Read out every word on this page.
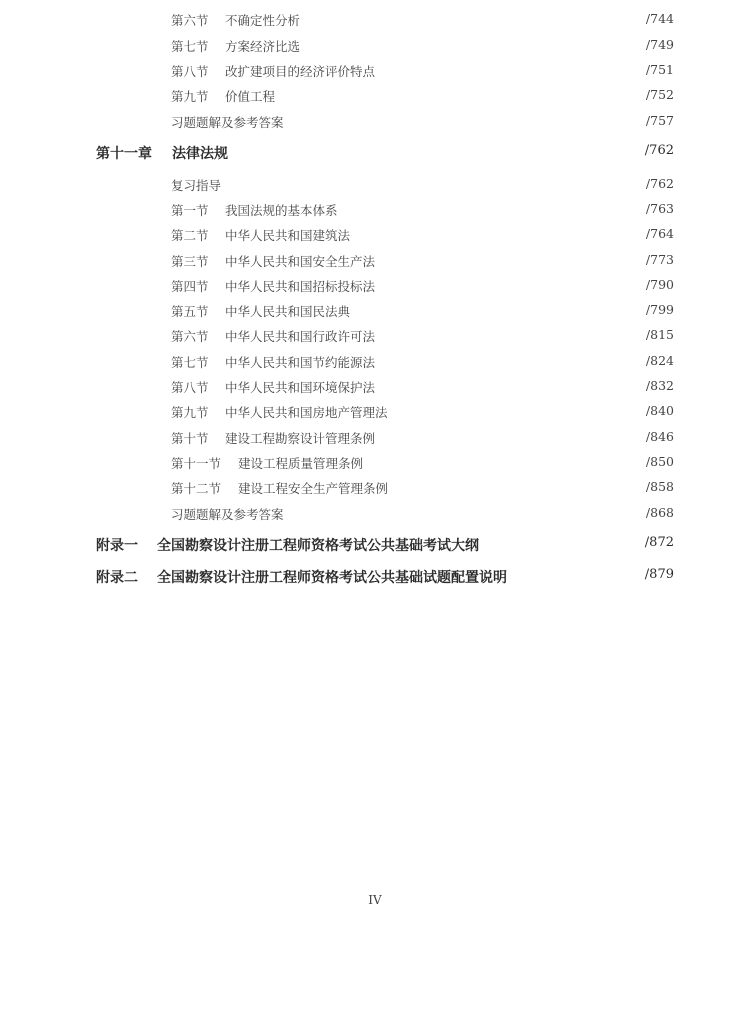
第六节 不确定性分析	/744
第七节 方案经济比选	/749
第八节 改扩建项目的经济评价特点	/751
第九节 价值工程	/752
习题题解及参考答案	/757
第十一章 法律法规	/762
复习指导	/762
第一节 我国法规的基本体系	/763
第二节 中华人民共和国建筑法	/764
第三节 中华人民共和国安全生产法	/773
第四节 中华人民共和国招标投标法	/790
第五节 中华人民共和国民法典	/799
第六节 中华人民共和国行政许可法	/815
第七节 中华人民共和国节约能源法	/824
第八节 中华人民共和国环境保护法	/832
第九节 中华人民共和国房地产管理法	/840
第十节 建设工程勘察设计管理条例	/846
第十一节 建设工程质量管理条例	/850
第十二节 建设工程安全生产管理条例	/858
习题题解及参考答案	/868
附录一 全国勘察设计注册工程师资格考试公共基础考试大纲	/872
附录二 全国勘察设计注册工程师资格考试公共基础试题配置说明	/879
IV
